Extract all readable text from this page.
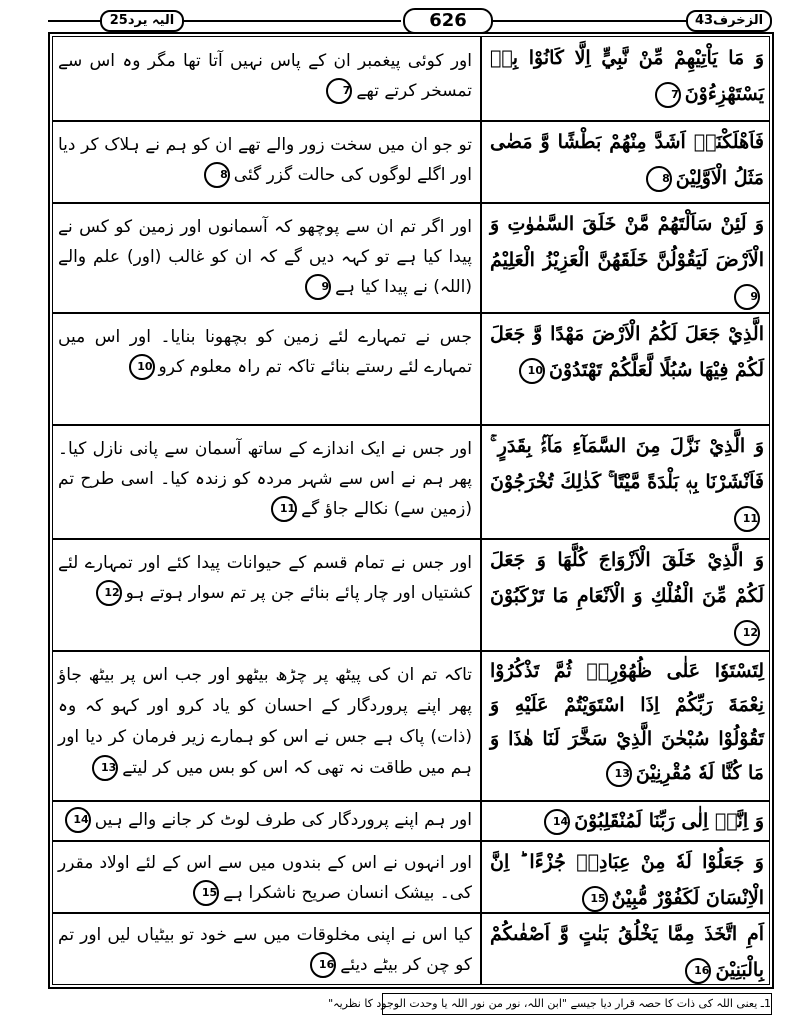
الیہ یرد25	626	الزخرف43
وَ مَا يَاْتِيْهِمْ مِّنْ نَّبِيٍّ اِلَّا كَانُوْا بِهٖ يَسْتَهْزِءُوْنَ7
اور کوئی پیغمبر ان کے پاس نہیں آتا تھا مگر وہ اس سے تمسخر کرتے تھے7
فَاَهْلَكْنَاۤ اَشَدَّ مِنْهُمْ بَطْشًا وَّ مَضٰى مَثَلُ الْاَوَّلِيْنَ8
تو جو ان میں سخت زور والے تھے ان کو ہم نے ہلاک کر دیا اور اگلے لوگوں کی حالت گزر گئی8
وَ لَئِنْ سَاَلْتَهُمْ مَّنْ خَلَقَ السَّمٰوٰتِ وَ الْاَرْضَ لَيَقُوْلُنَّ خَلَقَهُنَّ الْعَزِيْزُ الْعَلِيْمُ9
اور اگر تم ان سے پوچھو کہ آسمانوں اور زمین کو کس نے پیدا کیا ہے تو کہہ دیں گے کہ ان کو غالب (اور) علم والے (اللہ) نے پیدا کیا ہے9
الَّذِيْ جَعَلَ لَكُمُ الْاَرْضَ مَهْدًا وَّ جَعَلَ لَكُمْ فِيْهَا سُبُلًا لَّعَلَّكُمْ تَهْتَدُوْنَ10
جس نے تمہارے لئے زمین کو بچھونا بنایا۔ اور اس میں تمہارے لئے رستے بنائے تاکہ تم راہ معلوم کرو10
وَ الَّذِيْ نَزَّلَ مِنَ السَّمَآءِ مَآءًۢ بِقَدَرٍ ۚ فَاَنْشَرْنَا بِهٖ بَلْدَةً مَّيْتًا ۚ كَذٰلِكَ تُخْرَجُوْنَ11
اور جس نے ایک اندازے کے ساتھ آسمان سے پانی نازل کیا۔ پھر ہم نے اس سے شہر مردہ کو زندہ کیا۔ اسی طرح تم (زمین سے) نکالے جاؤ گے11
وَ الَّذِيْ خَلَقَ الْاَزْوَاجَ كُلَّهَا وَ جَعَلَ لَكُمْ مِّنَ الْفُلْكِ وَ الْاَنْعَامِ مَا تَرْكَبُوْنَ12
اور جس نے تمام قسم کے حیوانات پیدا کئے اور تمہارے لئے کشتیاں اور چار پائے بنائے جن پر تم سوار ہوتے ہو12
لِتَسْتَوٗا عَلٰى ظُهُوْرِهٖ ثُمَّ تَذْكُرُوْا نِعْمَةَ رَبِّكُمْ اِذَا اسْتَوَيْتُمْ عَلَيْهِ وَ تَقُوْلُوْا سُبْحٰنَ الَّذِيْ سَخَّرَ لَنَا هٰذَا وَ مَا كُنَّا لَهٗ مُقْرِنِيْنَ13
تاکہ تم ان کی پیٹھ پر چڑھ بیٹھو اور جب اس پر بیٹھ جاؤ پھر اپنے پروردگار کے احسان کو یاد کرو اور کہو کہ وہ (ذات) پاک ہے جس نے اس کو ہمارے زیر فرمان کر دیا اور ہم میں طاقت نہ تھی کہ اس کو بس میں کر لیتے13
وَ اِنَّاۤ اِلٰى رَبِّنَا لَمُنْقَلِبُوْنَ14
اور ہم اپنے پروردگار کی طرف لوٹ کر جانے والے ہیں14
وَ جَعَلُوْا لَهٗ مِنْ عِبَادِهٖ جُزْءًا ؕ اِنَّ الْاِنْسَانَ لَكَفُوْرٌ مُّبِيْنٌ15
اور انہوں نے اس کے بندوں میں سے اس کے لئے اولاد مقرر کی۔ بیشک انسان صریح ناشکرا ہے15
اَمِ اتَّخَذَ مِمَّا يَخْلُقُ بَنٰتٍ وَّ اَصْفٰىكُمْ بِالْبَنِيْنَ16
کیا اس نے اپنی مخلوقات میں سے خود تو بیٹیاں لیں اور تم کو چن کر بیٹے دیئے16
1ـ یعنی اللہ کی ذات کا حصہ قرار دیا جیسے "ابن اللہ، نور من نور اللہ یا وحدت الوجود کا نظریہ"
